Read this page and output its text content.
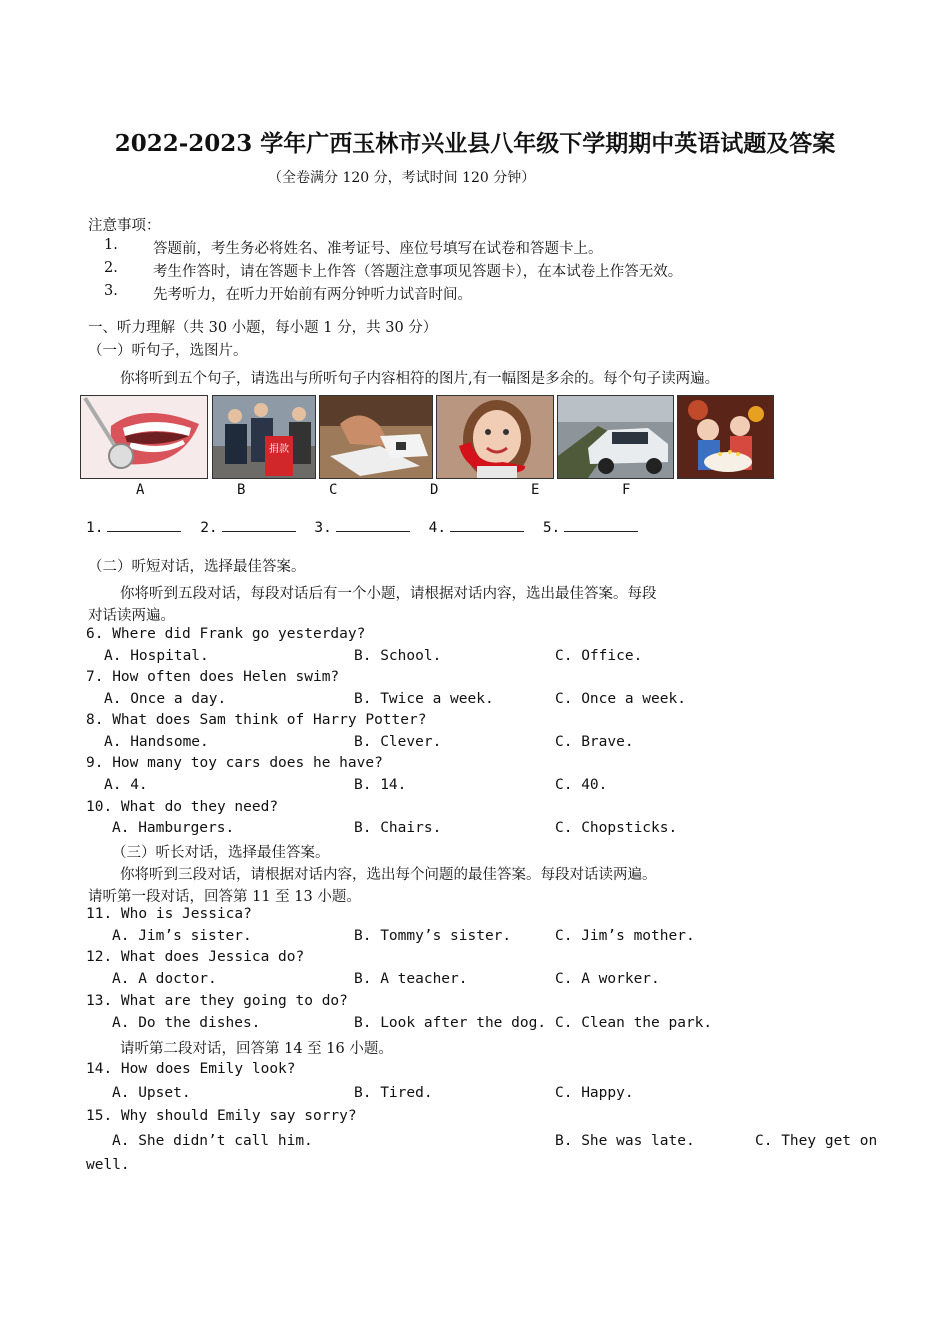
2022-2023 学年广西玉林市兴业县八年级下学期期中英语试题及答案
（全卷满分 120 分，考试时间 120 分钟）
注意事项：
1. 答题前，考生务必将姓名、准考证号、座位号填写在试卷和答题卡上。
2. 考生作答时，请在答题卡上作答（答题注意事项见答题卡），在本试卷上作答无效。
3. 先考听力，在听力开始前有两分钟听力试音时间。
一、听力理解（共 30 小题，每小题 1 分，共 30 分）
（一）听句子，选图片。
你将听到五个句子，请选出与所听句子内容相符的图片,有一幅图是多余的。每个句子读两遍。
捐款
A	B	C	D	E	F
1.	2.	3.	4.	5.
（二）听短对话，选择最佳答案。
你将听到五段对话，每段对话后有一个小题，请根据对话内容，选出最佳答案。每段
对话读两遍。
6. Where did Frank go yesterday?
A. Hospital.	B. School.	C. Office.
7. How often does Helen swim?
A. Once a day.	B. Twice a week.	C. Once a week.
8. What does Sam think of Harry Potter?
A. Handsome.	B. Clever.	C. Brave.
9. How many toy cars does he have?
A. 4.	B. 14.	C. 40.
10. What do they need?
A. Hamburgers.	B. Chairs.	C. Chopsticks.
（三）听长对话，选择最佳答案。
你将听到三段对话，请根据对话内容，选出每个问题的最佳答案。每段对话读两遍。
请听第一段对话，回答第 11 至 13 小题。
11. Who is Jessica?
A. Jim’s sister.	B. Tommy’s sister.	C. Jim’s mother.
12. What does Jessica do?
A. A doctor.	B. A teacher.	C. A worker.
13. What are they going to do?
A. Do the dishes.	B. Look after the dog. C. Clean the park.
请听第二段对话，回答第 14 至 16 小题。
14. How does Emily look?
A. Upset.	B. Tired.	C. Happy.
15. Why should Emily say sorry?
A. She didn’t call him.	B. She was late.	C. They get on
well.
